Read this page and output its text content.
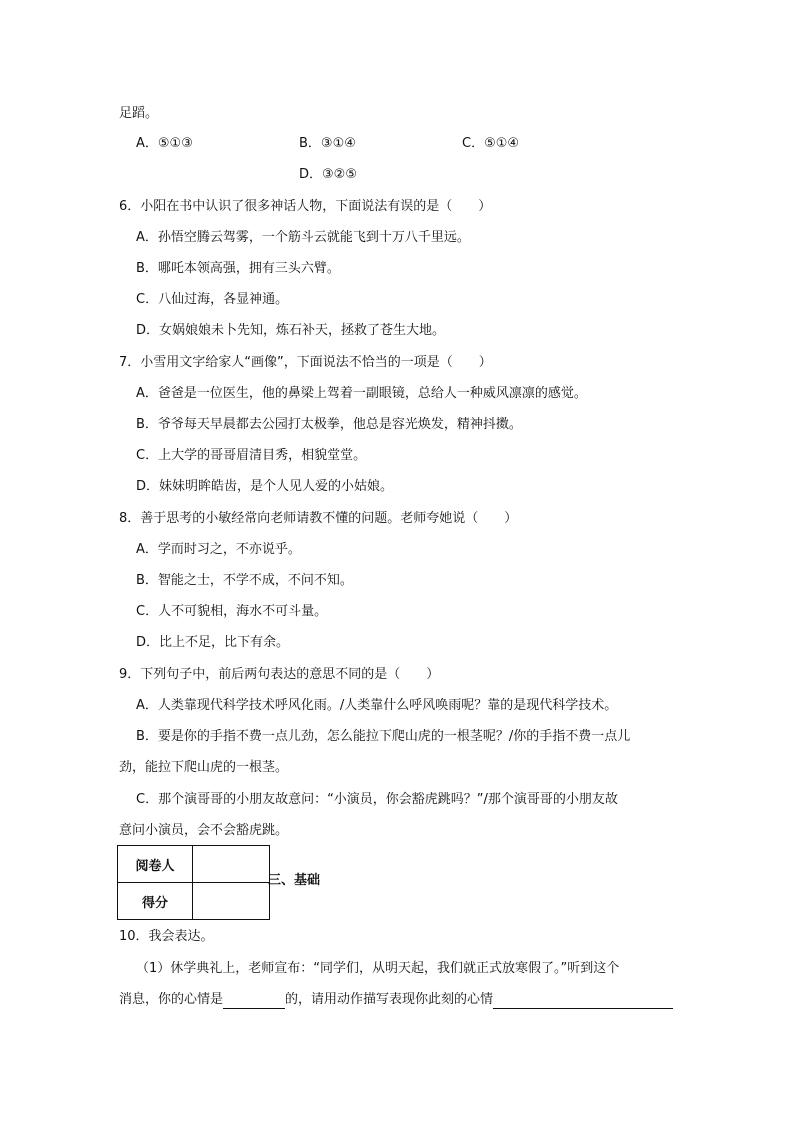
足蹈。
A．⑤①③	B．③①④	C．⑤①④
D．③②⑤
6．小阳在书中认识了很多神话人物，下面说法有误的是（　　）
A．孙悟空腾云驾雾，一个筋斗云就能飞到十万八千里远。
B．哪吒本领高强，拥有三头六臂。
C．八仙过海，各显神通。
D．女娲娘娘未卜先知，炼石补天，拯救了苍生大地。
7．小雪用文字给家人“画像”，下面说法不恰当的一项是（　　）
A．爸爸是一位医生，他的鼻梁上驾着一副眼镜，总给人一种威风凛凛的感觉。
B．爷爷每天早晨都去公园打太极拳，他总是容光焕发，精神抖擞。
C．上大学的哥哥眉清目秀，相貌堂堂。
D．妹妹明眸皓齿，是个人见人爱的小姑娘。
8．善于思考的小敏经常向老师请教不懂的问题。老师夸她说（　　）
A．学而时习之，不亦说乎。
B．智能之士，不学不成，不问不知。
C．人不可貌相，海水不可斗量。
D．比上不足，比下有余。
9．下列句子中，前后两句表达的意思不同的是（　　）
A．人类靠现代科学技术呼风化雨。/人类靠什么呼风唤雨呢？靠的是现代科学技术。
B．要是你的手指不费一点儿劲，怎么能拉下爬山虎的一根茎呢？/你的手指不费一点儿
劲，能拉下爬山虎的一根茎。
C．那个演哥哥的小朋友故意问：“小演员，你会豁虎跳吗？”/那个演哥哥的小朋友故
意问小演员，会不会豁虎跳。
阅卷人	
得分	
三、基础
10．我会表达。
（1）休学典礼上，老师宣布：“同学们，从明天起，我们就正式放寒假了。”听到这个
消息，你的心情是	的，请用动作描写表现你此刻的心情
